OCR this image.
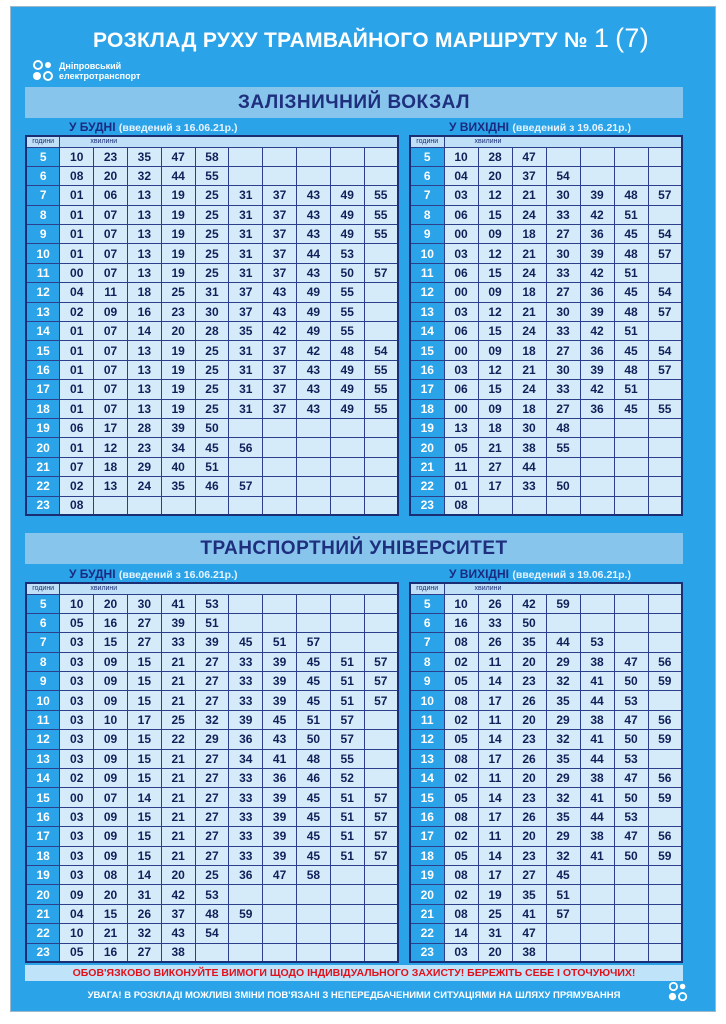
РОЗКЛАД РУХУ ТРАМВАЙНОГО МАРШРУТУ № 1 (7)
Дніпровський
електротранспорт
ЗАЛІЗНИЧНИЙ ВОКЗАЛ
У БУДНІ (введений з 16.06.21р.)	У ВИХІДНІ (введений з 19.06.21р.)
години	хвилини									
5	10	23	35	47	58					
6	08	20	32	44	55					
7	01	06	13	19	25	31	37	43	49	55
8	01	07	13	19	25	31	37	43	49	55
9	01	07	13	19	25	31	37	43	49	55
10	01	07	13	19	25	31	37	44	53	
11	00	07	13	19	25	31	37	43	50	57
12	04	11	18	25	31	37	43	49	55	
13	02	09	16	23	30	37	43	49	55	
14	01	07	14	20	28	35	42	49	55	
15	01	07	13	19	25	31	37	42	48	54
16	01	07	13	19	25	31	37	43	49	55
17	01	07	13	19	25	31	37	43	49	55
18	01	07	13	19	25	31	37	43	49	55
19	06	17	28	39	50					
20	01	12	23	34	45	56				
21	07	18	29	40	51					
22	02	13	24	35	46	57				
23	08									
години	хвилини						
5	10	28	47				
6	04	20	37	54			
7	03	12	21	30	39	48	57
8	06	15	24	33	42	51	
9	00	09	18	27	36	45	54
10	03	12	21	30	39	48	57
11	06	15	24	33	42	51	
12	00	09	18	27	36	45	54
13	03	12	21	30	39	48	57
14	06	15	24	33	42	51	
15	00	09	18	27	36	45	54
16	03	12	21	30	39	48	57
17	06	15	24	33	42	51	
18	00	09	18	27	36	45	55
19	13	18	30	48			
20	05	21	38	55			
21	11	27	44				
22	01	17	33	50			
23	08						
ТРАНСПОРТНИЙ УНІВЕРСИТЕТ
У БУДНІ (введений з 16.06.21р.)	У ВИХІДНІ (введений з 19.06.21р.)
години	хвилини									
5	10	20	30	41	53					
6	05	16	27	39	51					
7	03	15	27	33	39	45	51	57		
8	03	09	15	21	27	33	39	45	51	57
9	03	09	15	21	27	33	39	45	51	57
10	03	09	15	21	27	33	39	45	51	57
11	03	10	17	25	32	39	45	51	57	
12	03	09	15	22	29	36	43	50	57	
13	03	09	15	21	27	34	41	48	55	
14	02	09	15	21	27	33	36	46	52	
15	00	07	14	21	27	33	39	45	51	57
16	03	09	15	21	27	33	39	45	51	57
17	03	09	15	21	27	33	39	45	51	57
18	03	09	15	21	27	33	39	45	51	57
19	03	08	14	20	25	36	47	58		
20	09	20	31	42	53					
21	04	15	26	37	48	59				
22	10	21	32	43	54					
23	05	16	27	38						
години	хвилини						
5	10	26	42	59			
6	16	33	50				
7	08	26	35	44	53		
8	02	11	20	29	38	47	56
9	05	14	23	32	41	50	59
10	08	17	26	35	44	53	
11	02	11	20	29	38	47	56
12	05	14	23	32	41	50	59
13	08	17	26	35	44	53	
14	02	11	20	29	38	47	56
15	05	14	23	32	41	50	59
16	08	17	26	35	44	53	
17	02	11	20	29	38	47	56
18	05	14	23	32	41	50	59
19	08	17	27	45			
20	02	19	35	51			
21	08	25	41	57			
22	14	31	47				
23	03	20	38				
ОБОВ'ЯЗКОВО ВИКОНУЙТЕ ВИМОГИ ЩОДО ІНДИВІДУАЛЬНОГО ЗАХИСТУ! БЕРЕЖІТЬ СЕБЕ І ОТОЧУЮЧИХ!
УВАГА! В РОЗКЛАДІ МОЖЛИВІ ЗМІНИ ПОВ'ЯЗАНІ З НЕПЕРЕДБАЧЕНИМИ СИТУАЦІЯМИ НА ШЛЯХУ ПРЯМУВАННЯ
